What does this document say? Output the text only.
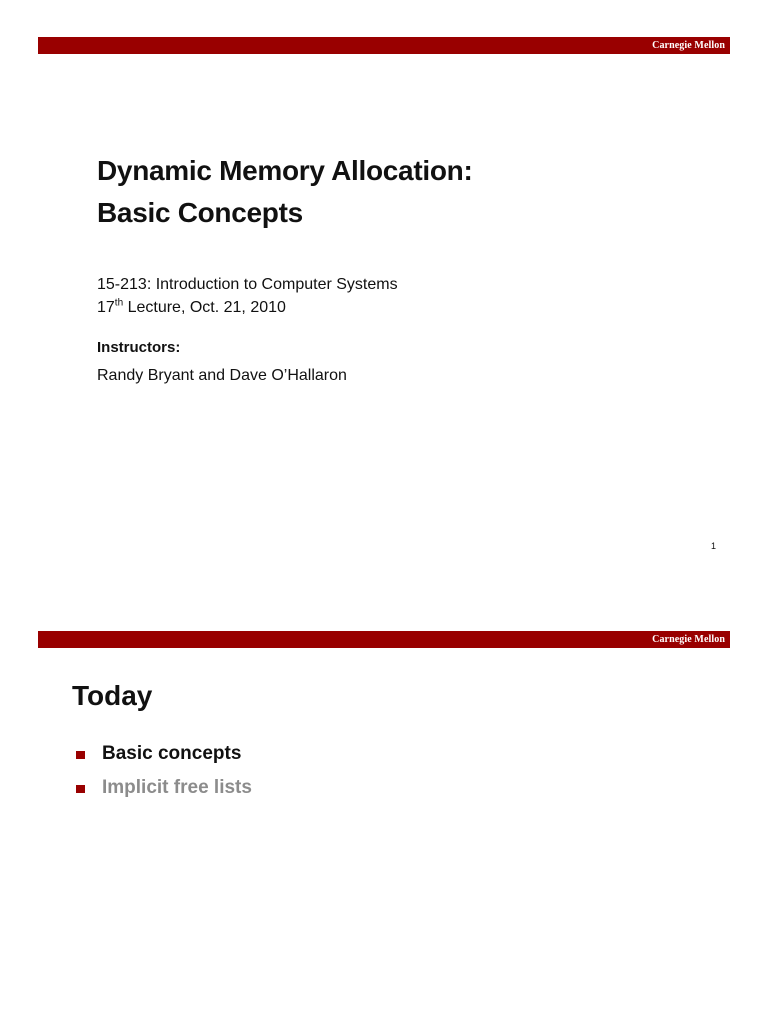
Carnegie Mellon
Dynamic Memory Allocation:
Basic Concepts
15-213: Introduction to Computer Systems
17th Lecture, Oct. 21, 2010
Instructors:
Randy Bryant and Dave O’Hallaron
1
Carnegie Mellon
Today
Basic concepts
Implicit free lists
